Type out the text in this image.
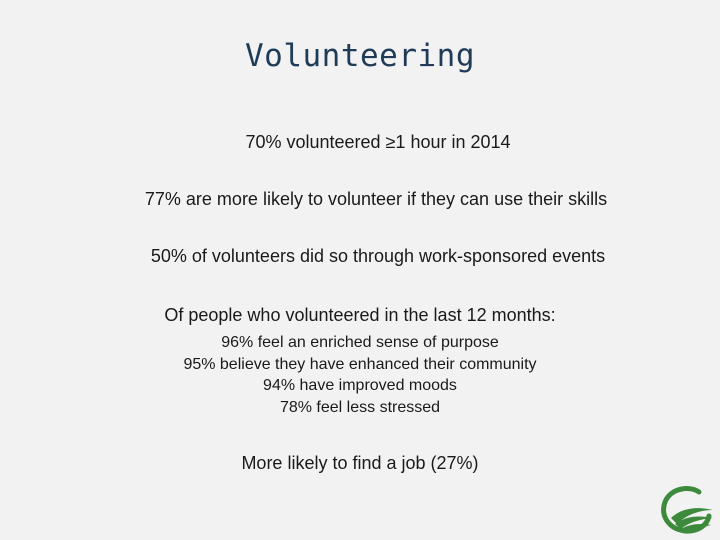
Volunteering
70% volunteered ≥1 hour in 2014
77% are more likely to volunteer if they can use their skills
50% of volunteers did so through work-sponsored events
Of people who volunteered in the last 12 months:
96% feel an enriched sense of purpose
95% believe they have enhanced their community
94% have improved moods
78% feel less stressed
More likely to find a job (27%)
